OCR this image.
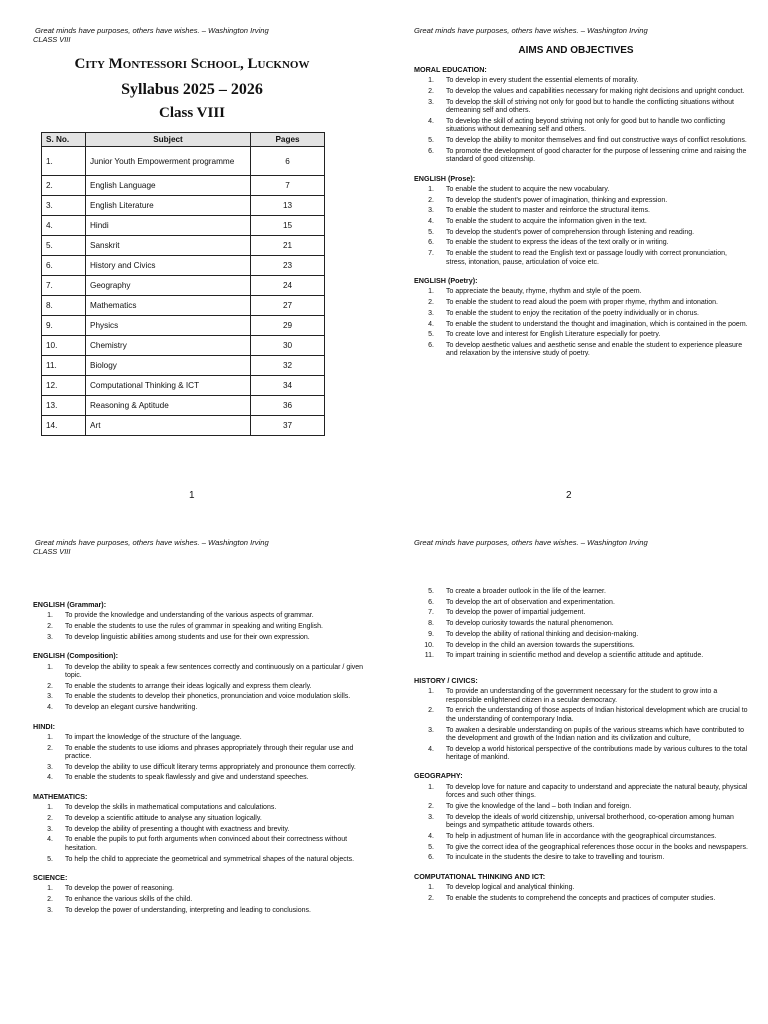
Great minds have purposes, others have wishes. – Washington Irving
CLASS VIII
City Montessori School, Lucknow
Syllabus 2025 – 2026
Class VIII
S. No.	Subject	Pages
1.	Junior Youth Empowerment programme	6
2.	English Language	7
3.	English Literature	13
4.	Hindi	15
5.	Sanskrit	21
6.	History and Civics	23
7.	Geography	24
8.	Mathematics	27
9.	Physics	29
10.	Chemistry	30
11.	Biology	32
12.	Computational Thinking & ICT	34
13.	Reasoning & Aptitude	36
14.	Art	37
1
Great minds have purposes, others have wishes. – Washington Irving
AIMS AND OBJECTIVES
MORAL EDUCATION:
1.	To develop in every student the essential elements of morality.
2.	To develop the values and capabilities necessary for making right decisions and upright conduct.
3.	To develop the skill of striving not only for good but to handle the conflicting situations without demeaning self and others.
4.	To develop the skill of acting beyond striving not only for good but to handle two conflicting situations without demeaning self and others.
5.	To develop the ability to monitor themselves and find out constructive ways of conflict resolutions.
6.	To promote the development of good character for the purpose of lessening crime and raising the standard of good citizenship.
ENGLISH (Prose):
1.	To enable the student to acquire the new vocabulary.
2.	To develop the student's power of imagination, thinking and expression.
3.	To enable the student to master and reinforce the structural items.
4.	To enable the student to acquire the information given in the text.
5.	To develop the student's power of comprehension through listening and reading.
6.	To enable the student to express the ideas of the text orally or in writing.
7.	To enable the student to read the English text or passage loudly with correct pronunciation, stress, intonation, pause, articulation of voice etc.
ENGLISH (Poetry):
1.	To appreciate the beauty, rhyme, rhythm and style of the poem.
2.	To enable the student to read aloud the poem with proper rhyme, rhythm and intonation.
3.	To enable the student to enjoy the recitation of the poetry individually or in chorus.
4.	To enable the student to understand the thought and imagination, which is contained in the poem.
5.	To create love and interest for English Literature especially for poetry.
6.	To develop aesthetic values and aesthetic sense and enable the student to experience pleasure and relaxation by the intensive study of poetry.
2
Great minds have purposes, others have wishes. – Washington Irving
CLASS VIII
ENGLISH (Grammar):
1.	To provide the knowledge and understanding of the various aspects of grammar.
2.	To enable the students to use the rules of grammar in speaking and writing English.
3.	To develop linguistic abilities among students and use for their own expression.
ENGLISH (Composition):
1.	To develop the ability to speak a few sentences correctly and continuously on a particular / given topic.
2.	To enable the students to arrange their ideas logically and express them clearly.
3.	To enable the students to develop their phonetics, pronunciation and voice modulation skills.
4.	To develop an elegant cursive handwriting.
HINDI:
1.	To impart the knowledge of the structure of the language.
2.	To enable the students to use idioms and phrases appropriately through their regular use and practice.
3.	To develop the ability to use difficult literary terms appropriately and pronounce them correctly.
4.	To enable the students to speak flawlessly and give and understand speeches.
MATHEMATICS:
1.	To develop the skills in mathematical computations and calculations.
2.	To develop a scientific attitude to analyse any situation logically.
3.	To develop the ability of presenting a thought with exactness and brevity.
4.	To enable the pupils to put forth arguments when convinced about their correctness without hesitation.
5.	To help the child to appreciate the geometrical and symmetrical shapes of the natural objects.
SCIENCE:
1.	To develop the power of reasoning.
2.	To enhance the various skills of the child.
3.	To develop the power of understanding, interpreting and leading to conclusions.
Great minds have purposes, others have wishes. – Washington Irving
5.	To create a broader outlook in the life of the learner.
6.	To develop the art of observation and experimentation.
7.	To develop the power of impartial judgement.
8.	To develop curiosity towards the natural phenomenon.
9.	To develop the ability of rational thinking and decision-making.
10.	To develop in the child an aversion towards the superstitions.
11.	To impart training in scientific method and develop a scientific attitude and aptitude.
HISTORY / CIVICS:
1.	To provide an understanding of the government necessary for the student to grow into a responsible enlightened citizen in a secular democracy.
2.	To enrich the understanding of those aspects of Indian historical development which are crucial to the understanding of contemporary India.
3.	To awaken a desirable understanding on pupils of the various streams which have contributed to the development and growth of the Indian nation and its civilization and culture,
4.	To develop a world historical perspective of the contributions made by various cultures to the total heritage of mankind.
GEOGRAPHY:
1.	To develop love for nature and capacity to understand and appreciate the natural beauty, physical forces and such other things.
2.	To give the knowledge of the land – both Indian and foreign.
3.	To develop the ideals of world citizenship, universal brotherhood, co-operation among human beings and sympathetic attitude towards others.
4.	To help in adjustment of human life in accordance with the geographical circumstances.
5.	To give the correct idea of the geographical references those occur in the books and newspapers.
6.	To inculcate in the students the desire to take to travelling and tourism.
COMPUTATIONAL THINKING AND ICT:
1.	To develop logical and analytical thinking.
2.	To enable the students to comprehend the concepts and practices of computer studies.
